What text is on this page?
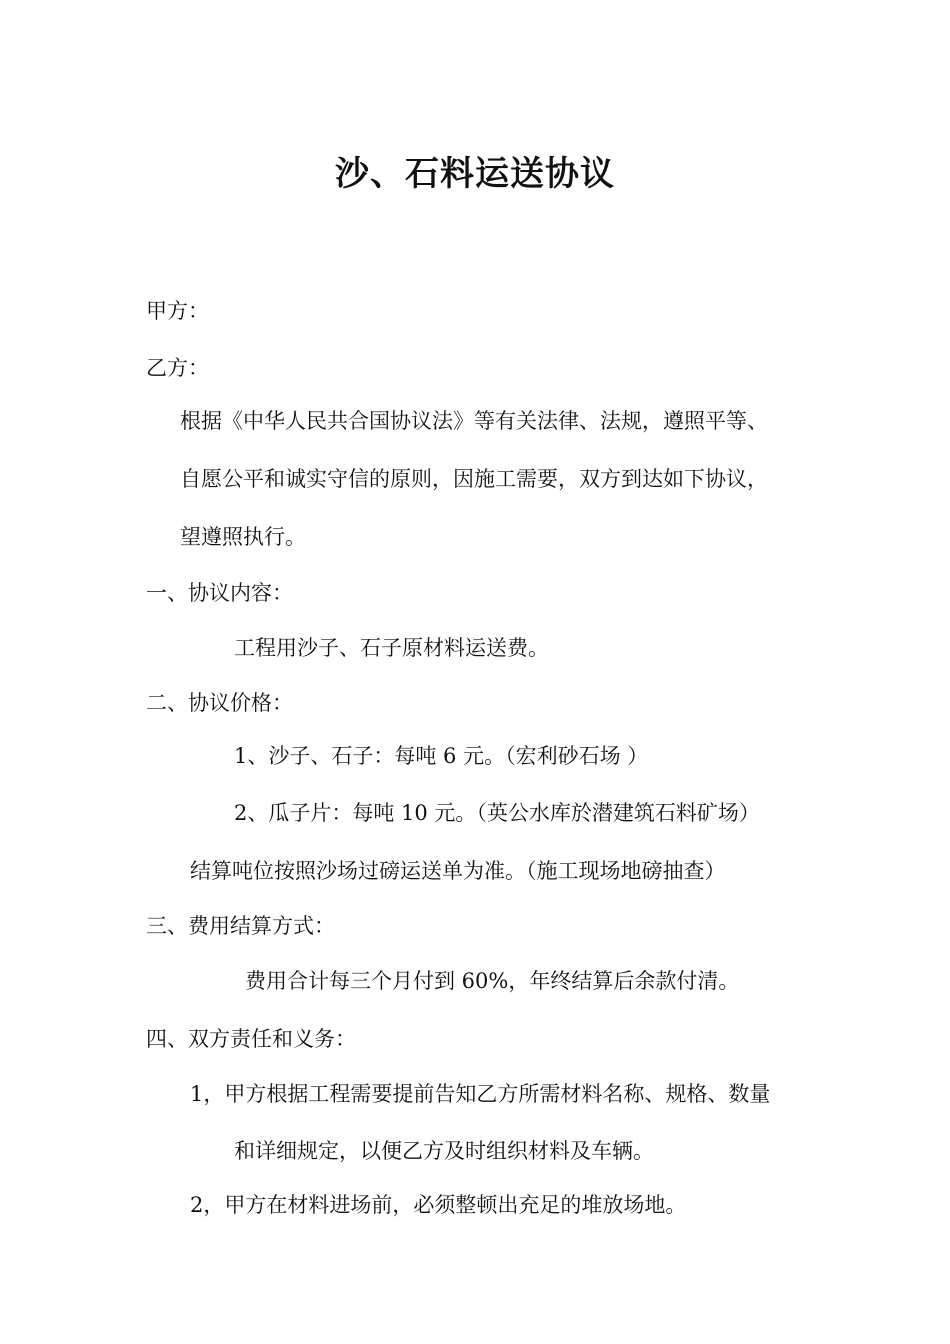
沙、石料运送协议
甲方：
乙方：
根据《中华人民共合国协议法》等有关法律、法规，遵照平等、
自愿公平和诚实守信的原则，因施工需要，双方到达如下协议，
望遵照执行。
一、协议内容：
工程用沙子、石子原材料运送费。
二、协议价格：
1、沙子、石子：每吨 6 元。（宏利砂石场 ）
2、瓜子片：每吨 10 元。（英公水库於潜建筑石料矿场）
结算吨位按照沙场过磅运送单为准。（施工现场地磅抽查）
三、费用结算方式：
费用合计每三个月付到 60%，年终结算后余款付清。
四、双方责任和义务：
1，甲方根据工程需要提前告知乙方所需材料名称、规格、数量
和详细规定，以便乙方及时组织材料及车辆。
2，甲方在材料进场前，必须整顿出充足的堆放场地。
